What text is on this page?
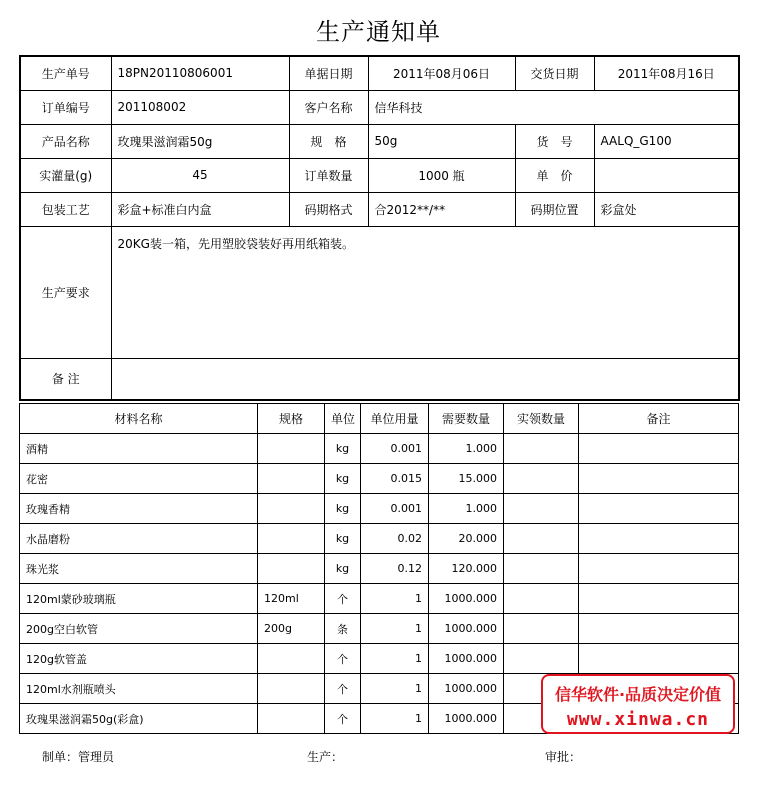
生产通知单
生产单号	18PN20110806001	单据日期	2011年08月06日	交货日期	2011年08月16日
订单编号	201108002	客户名称	信华科技		
产品名称	玫瑰果滋润霜50g	规　格	50g	货　号	AALQ_G100
实灌量(g)	45	订单数量	1000 瓶	单　价	
包装工艺	彩盒+标准白内盒	码期格式	合2012**/**	码期位置	彩盒处
生产要求	20KG装一箱，先用塑胶袋装好再用纸箱装。				
备 注					
材料名称	规格	单位	单位用量	需要数量	实领数量	备注
酒精		kg	0.001	1.000		
花密		kg	0.015	15.000		
玫瑰香精		kg	0.001	1.000		
水晶磨粉		kg	0.02	20.000		
珠光浆		kg	0.12	120.000		
120ml蒙砂玻璃瓶	120ml	个	1	1000.000		
200g空白软管	200g	条	1	1000.000		
120g软管盖		个	1	1000.000		
120ml水剂瓶喷头		个	1	1000.000		
玫瑰果滋润霜50g(彩盒)		个	1	1000.000		
制单：管理员	生产：	审批：
信华软件·品质决定价值
www.xinwa.cn
